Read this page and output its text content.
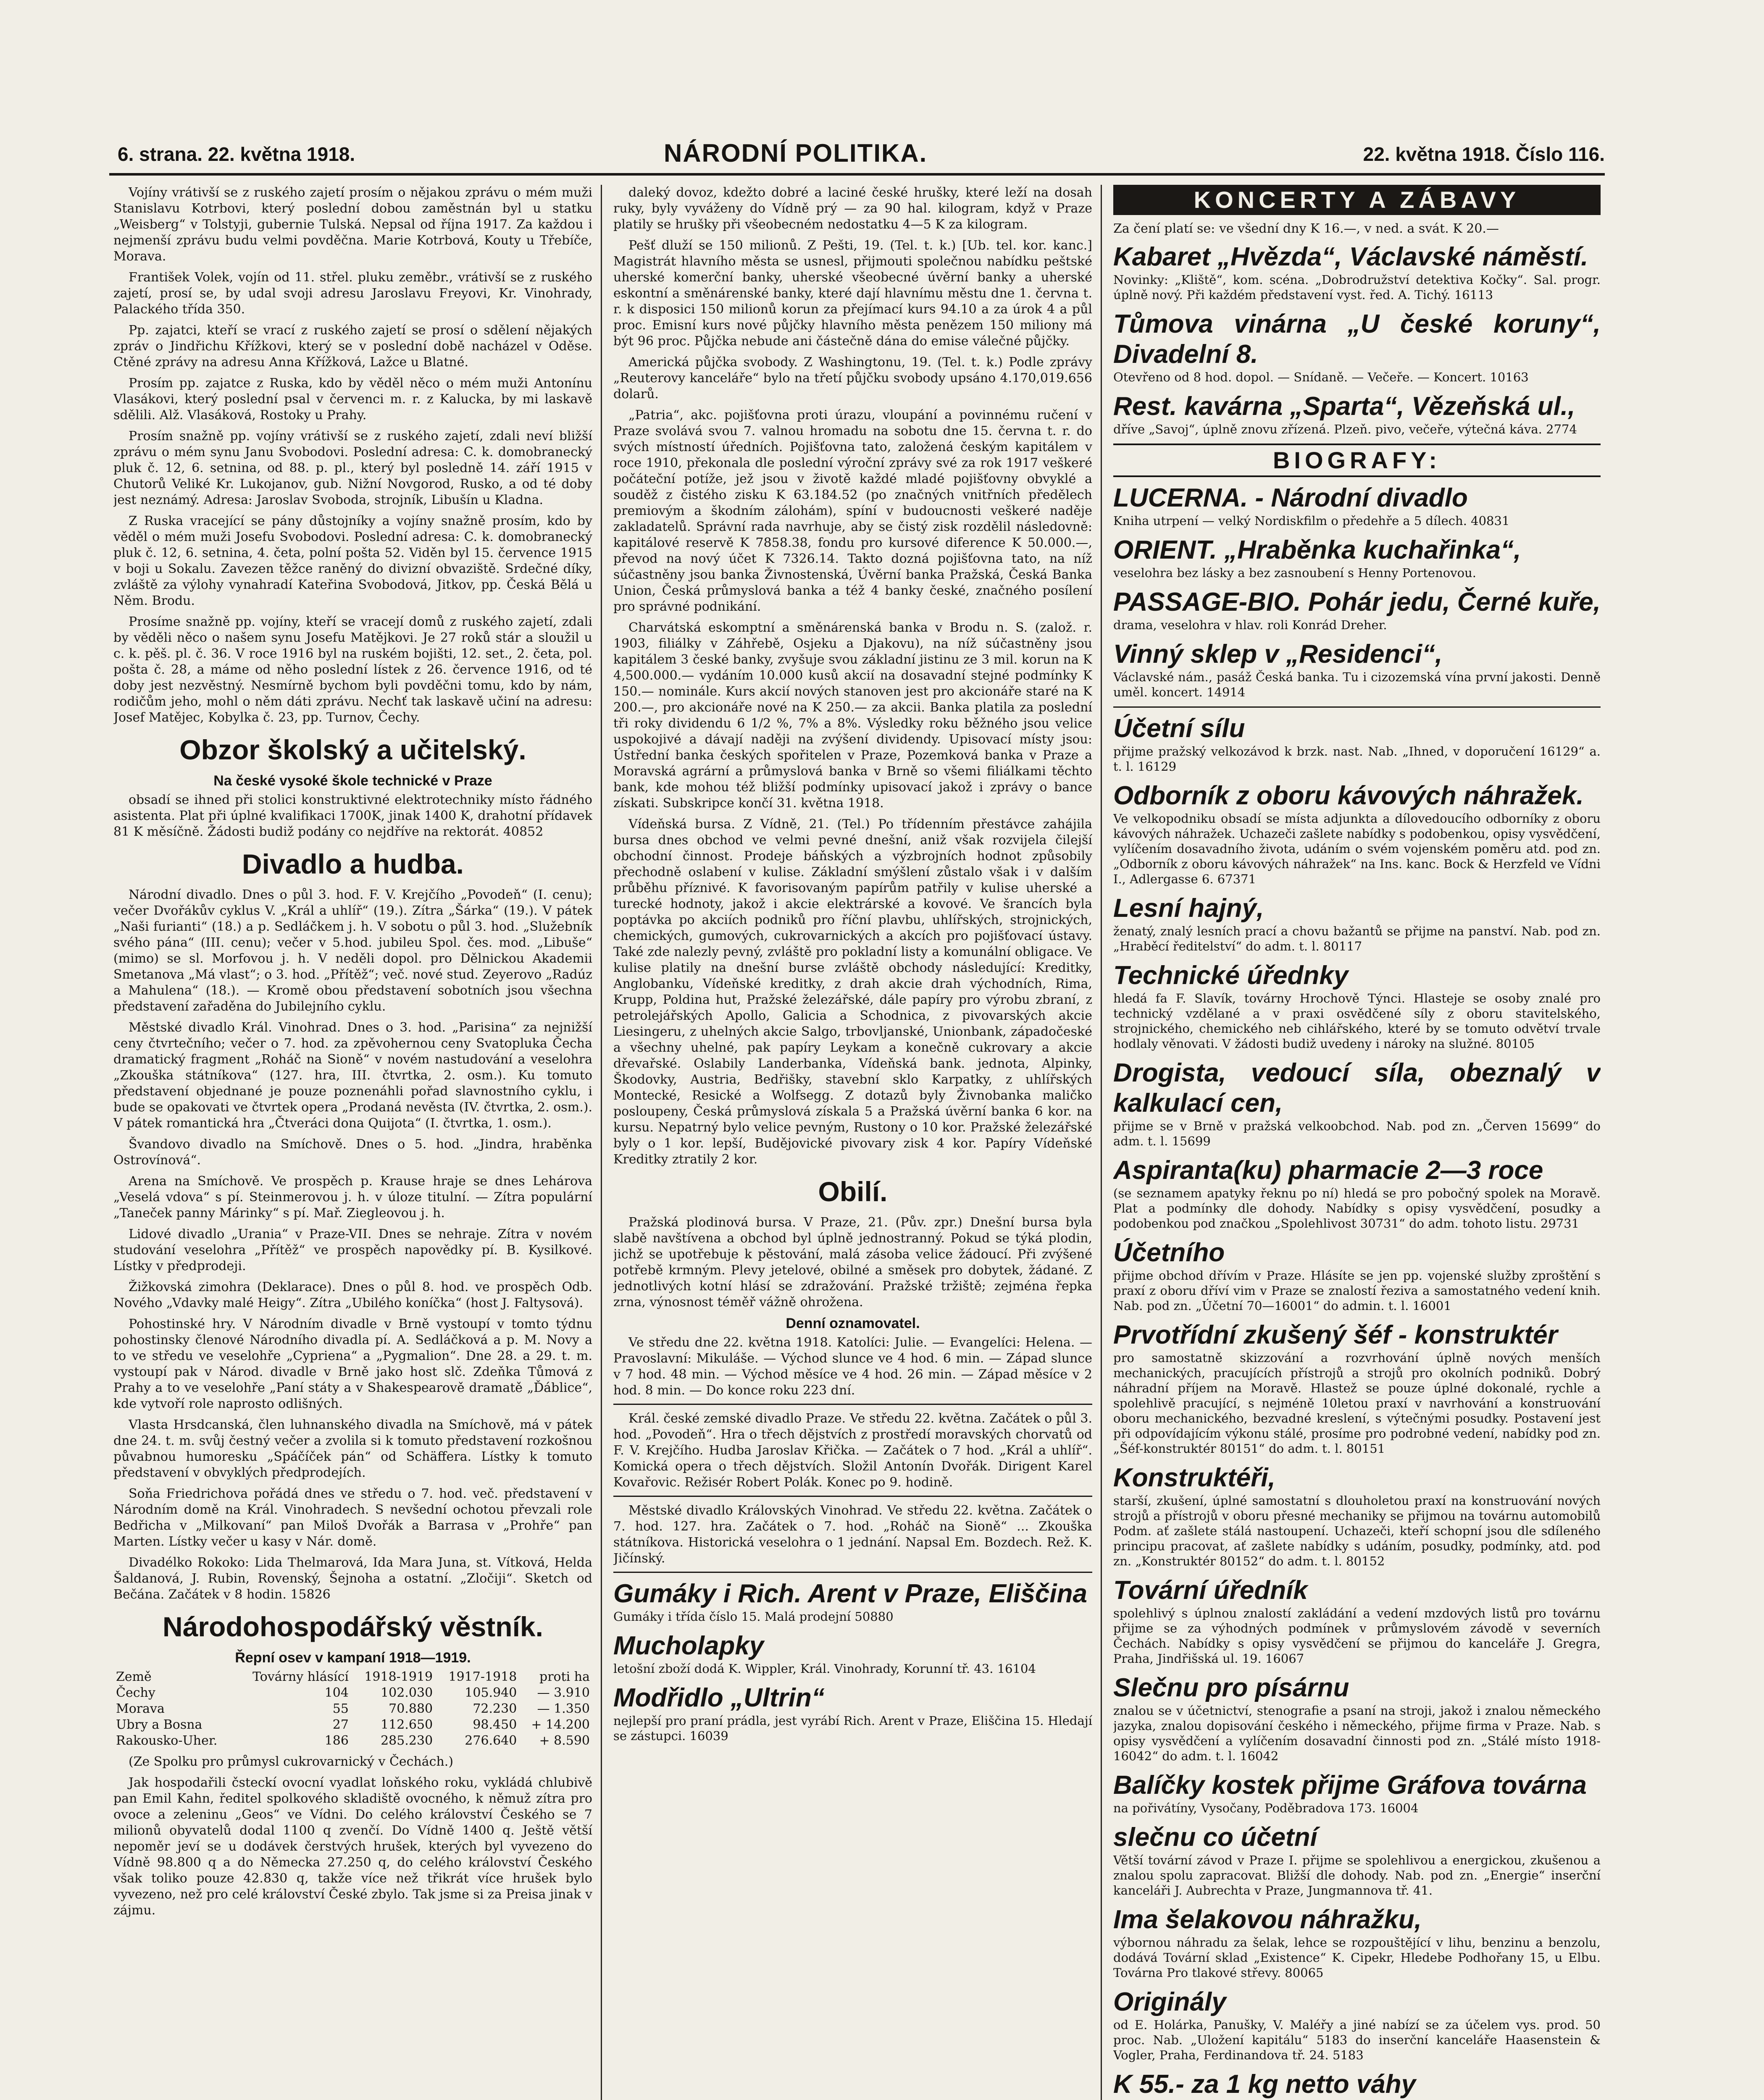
6. strana. 22. května 1918.	NÁRODNÍ POLITIKA.	22. května 1918. Číslo 116.

Vojíny vrátivší se z ruského zajetí prosím o nějakou zprávu o mém muži Stanislavu Kotrbovi, který poslední dobou zaměstnán byl u statku „Weisberg“ v Tolstyji, gubernie Tulská. Nepsal od října 1917. Za každou i nejmenší zprávu budu velmi povděčna. Marie Kotrbová, Kouty u Třebíče, Morava.

František Volek, vojín od 11. střel. pluku zeměbr., vrátivší se z ruského zajetí, prosí se, by udal svoji adresu Jaroslavu Freyovi, Kr. Vinohrady, Palackého třída 350.

Pp. zajatci, kteří se vrací z ruského zajetí se prosí o sdělení nějakých zpráv o Jindřichu Křížkovi, který se v poslední době nacházel v Oděse. Ctěné zprávy na adresu Anna Křížková, Lažce u Blatné.

Prosím pp. zajatce z Ruska, kdo by věděl něco o mém muži Antonínu Vlasákovi, který poslední psal v červenci m. r. z Kalucka, by mi laskavě sdělili. Alž. Vlasáková, Rostoky u Prahy.

Prosím snažně pp. vojíny vrátivší se z ruského zajetí, zdali neví bližší zprávu o mém synu Janu Svobodovi. Poslední adresa: C. k. domobranecký pluk č. 12, 6. setnina, od 88. p. pl., který byl posledně 14. září 1915 v Chutorů Veliké Kr. Lukojanov, gub. Nižní Novgorod, Rusko, a od té doby jest neznámý. Adresa: Jaroslav Svoboda, strojník, Libušín u Kladna.

Z Ruska vracející se pány důstojníky a vojíny snažně prosím, kdo by věděl o mém muži Josefu Svobodovi. Poslední adresa: C. k. domobranecký pluk č. 12, 6. setnina, 4. četa, polní pošta 52. Viděn byl 15. července 1915 v boji u Sokalu. Zavezen těžce raněný do divizní obvaziště. Srdečné díky, zvláště za výlohy vynahradí Kateřina Svobodová, Jitkov, pp. Česká Bělá u Něm. Brodu.

Prosíme snažně pp. vojíny, kteří se vracejí domů z ruského zajetí, zdali by věděli něco o našem synu Josefu Matějkovi. Je 27 roků stár a sloužil u c. k. pěš. pl. č. 36. V roce 1916 byl na ruském bojišti, 12. set., 2. četa, pol. pošta č. 28, a máme od něho poslední lístek z 26. července 1916, od té doby jest nezvěstný. Nesmírně bychom byli povděčni tomu, kdo by nám, rodičům jeho, mohl o něm dáti zprávu. Nechť tak laskavě učiní na adresu: Josef Matějec, Kobylka č. 23, pp. Turnov, Čechy.

Obzor školský a učitelský.
Na české vysoké škole technické v Praze

obsadí se ihned při stolici konstruktivné elektrotechniky místo řádného asistenta. Plat při úplné kvalifikaci 1700K, jinak 1400 K, drahotní přídavek 81 K měsíčně. Žádosti budiž podány co nejdříve na rektorát. 40852

Divadlo a hudba.

Národní divadlo. Dnes o půl 3. hod. F. V. Krejčího „Povodeň“ (I. cenu); večer Dvořákův cyklus V. „Král a uhlíř“ (19.). Zítra „Šárka“ (19.). V pátek „Naši furianti“ (18.) a p. Sedláčkem j. h. V sobotu o půl 3. hod. „Služebník svého pána“ (III. cenu); večer v 5.hod. jubileu Spol. čes. mod. „Libuše“ (mimo) se sl. Morfovou j. h. V neděli dopol. pro Dělnickou Akademii Smetanova „Má vlast“; o 3. hod. „Přítěž“; več. nové stud. Zeyerovo „Radúz a Mahulena“ (18.). — Kromě obou představení sobotních jsou všechna představení zařaděna do Jubilejního cyklu.

Městské divadlo Král. Vinohrad. Dnes o 3. hod. „Parisina“ za nejnižší ceny čtvrtečního; večer o 7. hod. za zpěvohernou ceny Svatopluka Čecha dramatický fragment „Roháč na Sioně“ v novém nastudování a veselohra „Zkouška státníkova“ (127. hra, III. čtvrtka, 2. osm.). Ku tomuto představení objednané je pouze poznenáhli pořad slavnostního cyklu, i bude se opakovati ve čtvrtek opera „Prodaná nevěsta (IV. čtvrtka, 2. osm.). V pátek romantická hra „Čtveráci dona Quijota“ (I. čtvrtka, 1. osm.).

Švandovo divadlo na Smíchově. Dnes o 5. hod. „Jindra, hraběnka Ostrovínová“.

Arena na Smíchově. Ve prospěch p. Krause hraje se dnes Lehárova „Veselá vdova“ s pí. Steinmerovou j. h. v úloze titulní. — Zítra populární „Taneček panny Márinky“ s pí. Mař. Ziegleovou j. h.

Lidové divadlo „Urania“ v Praze-VII. Dnes se nehraje. Zítra v novém studování veselohra „Přítěž“ ve prospěch napovědky pí. B. Kysilkové. Lístky v předprodeji.

Žižkovská zimohra (Deklarace). Dnes o půl 8. hod. ve prospěch Odb. Nového „Vdavky malé Heigy“. Zítra „Ubilého koníčka“ (host J. Faltysová).

Pohostinské hry. V Národním divadle v Brně vystoupí v tomto týdnu pohostinsky členové Národního divadla pí. A. Sedláčková a p. M. Novy a to ve středu ve veselohře „Cypriena“ a „Pygmalion“. Dne 28. a 29. t. m. vystoupí pak v Národ. divadle v Brně jako host slč. Zdeňka Tůmová z Prahy a to ve veselohře „Paní státy a v Shakespearově dramatě „Ďáblice“, kde vytvoří role naprosto odlišných.

Vlasta Hrsdcanská, člen luhnanského divadla na Smíchově, má v pátek dne 24. t. m. svůj čestný večer a zvolila si k tomuto představení rozkošnou půvabnou humoresku „Spáčíček pán“ od Schäffera. Lístky k tomuto představení v obvyklých předprodejích.

Soňa Friedrichova pořádá dnes ve středu o 7. hod. več. představení v Národním domě na Král. Vinohradech. S nevšední ochotou převzali role Bedřicha v „Milkovaní“ pan Miloš Dvořák a Barrasa v „Prohře“ pan Marten. Lístky večer u kasy v Nár. domě.

Divadélko Rokoko: Lida Thelmarová, Ida Mara Juna, st. Vítková, Helda Šaldanová, J. Rubin, Rovenský, Šejnoha a ostatní. „Zločiji“. Sketch od Bečána. Začátek v 8 hodin. 15826

Národohospodářský věstník.
Řepní osev v kampaní 1918—1919.
Země	Továrny hlásící	1918-1919	1917-1918	proti ha
Čechy	104	102.030	105.940	— 3.910
Morava	55	70.880	72.230	— 1.350
Ubry a Bosna	27	112.650	98.450	+ 14.200
Rakousko-Uher.	186	285.230	276.640	+ 8.590

(Ze Spolku pro průmysl cukrovarnický v Čechách.)

Jak hospodařili čsteckí ovocní vyadlat loňského roku, vykládá chlubivě pan Emil Kahn, ředitel spolkového skladiště ovocného, k němuž zítra pro ovoce a zeleninu „Geos“ ve Vídni. Do celého království Českého se 7 milionů obyvatelů dodal 1100 q zvenčí. Do Vídně 1400 q. Ještě větší nepoměr jeví se u dodávek čerstvých hrušek, kterých byl vyvezeno do Vídně 98.800 q a do Německa 27.250 q, do celého království Českého však toliko pouze 42.830 q, takže více než třikrát více hrušek bylo vyvezeno, než pro celé království České zbylo. Tak jsme si za Preisa jinak v zájmu.

daleký dovoz, kdežto dobré a laciné české hrušky, které leží na dosah ruky, byly vyváženy do Vídně prý — za 90 hal. kilogram, když v Praze platily se hrušky při všeobecném nedostatku 4—5 K za kilogram.

Pešť dluží se 150 milionů. Z Pešti, 19. (Tel. t. k.) [Ub. tel. kor. kanc.] Magistrát hlavního města se usnesl, přijmouti společnou nabídku peštské uherské komerční banky, uherské všeobecné úvěrní banky a uherské eskontní a směnárenské banky, které dají hlavnímu městu dne 1. června t. r. k disposici 150 milionů korun za přejímací kurs 94.10 a za úrok 4 a půl proc. Emisní kurs nové půjčky hlavního města penězem 150 miliony má být 96 proc. Půjčka nebude ani částečně dána do emise válečné půjčky.

Americká půjčka svobody. Z Washingtonu, 19. (Tel. t. k.) Podle zprávy „Reuterovy kanceláře“ bylo na třetí půjčku svobody upsáno 4.170,019.656 dolarů.

„Patria“, akc. pojišťovna proti úrazu, vloupání a povinnému ručení v Praze svolává svou 7. valnou hromadu na sobotu dne 15. června t. r. do svých místností úředních. Pojišťovna tato, založená českým kapitálem v roce 1910, překonala dle poslední výroční zprávy své za rok 1917 veškeré počáteční potíže, jež jsou v životě každé mladé pojišťovny obvyklé a souděž z čistého zisku K 63.184.52 (po značných vnitřních předělech premiovým a škodním zálohám), spíní v budoucnosti veškeré naděje zakladatelů. Správní rada navrhuje, aby se čistý zisk rozdělil následovně: kapitálové reservě K 7858.38, fondu pro kursové diference K 50.000.—, převod na nový účet K 7326.14. Takto dozná pojišťovna tato, na níž súčastněny jsou banka Živnostenská, Úvěrní banka Pražská, Česká Banka Union, Česká průmyslová banka a též 4 banky české, značného posílení pro správné podnikání.

Charvátská eskomptní a směnárenská banka v Brodu n. S. (založ. r. 1903, filiálky v Záhřebě, Osjeku a Djakovu), na níž súčastněny jsou kapitálem 3 české banky, zvyšuje svou základní jistinu ze 3 mil. korun na K 4,500.000.— vydáním 10.000 kusů akcií na dosavadní stejné podmínky K 150.— nominále. Kurs akcií nových stanoven jest pro akcionáře staré na K 200.—, pro akcionáře nové na K 250.— za akcii. Banka platila za poslední tři roky dividendu 6 1/2 %, 7% a 8%. Výsledky roku běžného jsou velice uspokojivé a dávají naději na zvýšení dividendy. Upisovací místy jsou: Ústřední banka českých spořitelen v Praze, Pozemková banka v Praze a Moravská agrární a průmyslová banka v Brně so všemi filiálkami těchto bank, kde mohou též bližší podmínky upisovací jakož i zprávy o bance získati. Subskripce končí 31. května 1918.

Vídeňská bursa. Z Vídně, 21. (Tel.) Po třídenním přestávce zahájila bursa dnes obchod ve velmi pevné dnešní, aniž však rozvijela čilejší obchodní činnost. Prodeje báňských a výzbrojních hodnot způsobily přechodně oslabení v kulise. Základní smýšlení zůstalo však i v dalším průběhu příznivé. K favorisovaným papírům patřily v kulise uherské a turecké hodnoty, jakož i akcie elektrárské a kovové. Ve šrancích byla poptávka po akciích podniků pro říční plavbu, uhlířských, strojnických, chemických, gumových, cukrovarnických a akcích pro pojišťovací ústavy. Také zde nalezly pevný, zvláště pro pokladní listy a komunální obligace. Ve kulise platily na dnešní burse zvláště obchody následující: Kreditky, Anglobanku, Vídeňské kreditky, z drah akcie drah východních, Rima, Krupp, Poldina hut, Pražské železářské, dále papíry pro výrobu zbraní, z petrolejářských Apollo, Galicia a Schodnica, z pivovarských akcie Liesingeru, z uhelných akcie Salgo, trbovljanské, Unionbank, západočeské a všechny uhelné, pak papíry Leykam a konečně cukrovary a akcie dřevařské. Oslabily Landerbanka, Vídeňská bank. jednota, Alpinky, Škodovky, Austria, Bedřišky, stavební sklo Karpatky, z uhlířských Montecké, Resické a Wolfsegg. Z dotazů byly Živnobanka maličko posloupeny, Česká průmyslová získala 5 a Pražská úvěrní banka 6 kor. na kursu. Nepatrný bylo velice pevným, Rustony o 10 kor. Pražské železářské byly o 1 kor. lepší, Budějovické pivovary zisk 4 kor. Papíry Vídeňské Kreditky ztratily 2 kor.

Obilí.

Pražská plodinová bursa. V Praze, 21. (Pův. zpr.) Dnešní bursa byla slabě navštívena a obchod byl úplně jednostranný. Pokud se týká plodin, jichž se upotřebuje k pěstování, malá zásoba velice žádoucí. Při zvýšené potřebě krmným. Plevy jetelové, obilné a směsek pro dobytek, žádané. Z jednotlivých kotní hlásí se zdražování. Pražské tržiště; zejména řepka zrna, výnosnost téměř vážně ohrožena.

Denní oznamovatel.

Ve středu dne 22. května 1918. Katolíci: Julie. — Evangelíci: Helena. — Pravoslavní: Mikuláše. — Východ slunce ve 4 hod. 6 min. — Západ slunce v 7 hod. 48 min. — Východ měsíce ve 4 hod. 26 min. — Západ měsíce v 2 hod. 8 min. — Do konce roku 223 dní.

Král. české zemské divadlo Praze. Ve středu 22. května. Začátek o půl 3. hod. „Povodeň“. Hra o třech dějstvích z prostředí moravských chorvatů od F. V. Krejčího. Hudba Jaroslav Křička. — Začátek o 7 hod. „Král a uhlíř“. Komická opera o třech dějstvích. Složil Antonín Dvořák. Dirigent Karel Kovařovic. Režisér Robert Polák. Konec po 9. hodině.

Městské divadlo Královských Vinohrad. Ve středu 22. května. Začátek o 7. hod. 127. hra. Začátek o 7. hod. „Roháč na Sioně“ ... Zkouška státníkova. Historická veselohra o 1 jednání. Napsal Em. Bozdech. Rež. K. Jičínský.

Gumáky i Rich. Arent v Praze, Eliščina
Gumáky i třída číslo 15. Malá prodejní 50880
Mucholapky
letošní zboží dodá K. Wippler, Král. Vinohrady, Korunní tř. 43. 16104
Modřidlo „Ultrin“
nejlepší pro praní prádla, jest vyrábí Rich. Arent v Praze, Eliščina 15. Hledají se zástupci. 16039
KONCERTY A ZÁBAVY

Za čení platí se: ve všední dny K 16.—, v ned. a svát. K 20.—

Kabaret „Hvězda“, Václavské náměstí.
Novinky: „Kliště“, kom. scéna. „Dobrodružství detektiva Kočky“. Sal. progr. úplně nový. Při každém představení vyst. řed. A. Tichý. 16113
Tůmova vinárna „U české koruny“, Divadelní 8.
Otevřeno od 8 hod. dopol. — Snídaně. — Večeře. — Koncert. 10163
Rest. kavárna „Sparta“, Vězeňská ul.,
dříve „Savoj“, úplně znovu zřízená. Plzeň. pivo, večeře, výtečná káva. 2774
BIOGRAFY:
LUCERNA. - Národní divadlo
Kniha utrpení — velký Nordiskfilm o předehře a 5 dílech. 40831
ORIENT. „Hraběnka kuchařinka“,
veselohra bez lásky a bez zasnoubení s Henny Portenovou.
PASSAGE-BIO. Pohár jedu, Černé kuře,
drama, veselohra v hlav. roli Konrád Dreher.
Vinný sklep v „Residenci“,
Václavské nám., pasáž Česká banka. Tu i cizozemská vína první jakosti. Denně uměl. koncert. 14914
Účetní sílu
přijme pražský velkozávod k brzk. nast. Nab. „Ihned, v doporučení 16129“ a. t. l. 16129
Odborník z oboru kávových náhražek.
Ve velkopodniku obsadí se místa adjunkta a dílovedoucího odborníky z oboru kávových náhražek. Uchazeči zašlete nabídky s podobenkou, opisy vysvědčení, vylíčením dosavadního života, udáním o svém vojenském poměru atd. pod zn. „Odborník z oboru kávových náhražek“ na Ins. kanc. Bock & Herzfeld ve Vídni I., Adlergasse 6. 67371
Lesní hajný,
ženatý, znalý lesních prací a chovu bažantů se přijme na panství. Nab. pod zn. „Hraběcí ředitelství“ do adm. t. l. 80117
Technické úřednky
hledá fa F. Slavík, továrny Hrochově Týnci. Hlasteje se osoby znalé pro technický vzdělané a v praxi osvědčené síly z oboru stavitelského, strojnického, chemického neb cihlářského, které by se tomuto odvětví trvale hodlaly věnovati. V žádosti budiž uvedeny i nároky na služné. 80105
Drogista, vedoucí síla, obeznalý v kalkulací cen,
přijme se v Brně v pražská velkoobchod. Nab. pod zn. „Červen 15699“ do adm. t. l. 15699
Aspiranta(ku) pharmacie 2—3 roce
(se seznamem apatyky řeknu po ní) hledá se pro pobočný spolek na Moravě. Plat a podmínky dle dohody. Nabídky s opisy vysvědčení, posudky a podobenkou pod značkou „Spolehlivost 30731“ do adm. tohoto listu. 29731
Účetního
přijme obchod dřívím v Praze. Hlásíte se jen pp. vojenské služby zproštění s praxí z oboru dříví vim v Praze se znalostí řeziva a samostatného vedení knih. Nab. pod zn. „Účetní 70—16001“ do admin. t. l. 16001
Prvotřídní zkušený šéf - konstruktér
pro samostatně skizzování a rozvrhování úplně nových menších mechanických, pracujících přístrojů a strojů pro okolních podniků. Dobrý náhradní příjem na Moravě. Hlastež se pouze úplné dokonalé, rychle a spolehlivě pracující, s nejméně 10letou praxí v navrhování a konstruování oboru mechanického, bezvadné kreslení, s výtečnými posudky. Postavení jest při odpovídajícím výkonu stálé, prosíme pro podrobné vedení, nabídky pod zn. „Šéf-konstruktér 80151“ do adm. t. l. 80151
Konstruktéři,
starší, zkušení, úplné samostatní s dlouholetou praxí na konstruování nových strojů a přístrojů v oboru přesné mechaniky se přijmou na továrnu automobilů Podm. ať zašlete stálá nastoupení. Uchazeči, kteří schopní jsou dle sdíleného principu pracovat, ať zašlete nabídky s udáním, posudky, podmínky, atd. pod zn. „Konstruktér 80152“ do adm. t. l. 80152
Tovární úředník
spolehlivý s úplnou znalostí zakládání a vedení mzdových listů pro továrnu přijme se za výhodných podmínek v průmyslovém závodě v severních Čechách. Nabídky s opisy vysvědčení se přijmou do kanceláře J. Gregra, Praha, Jindřišská ul. 19. 16067
Slečnu pro písárnu
znalou se v účetnictví, stenografie a psaní na stroji, jakož i znalou německého jazyka, znalou dopisování českého i německého, přijme firma v Praze. Nab. s opisy vysvědčení a vylíčením dosavadní činnosti pod zn. „Stálé místo 1918-16042“ do adm. t. l. 16042
Balíčky kostek přijme Gráfova továrna
na pořivátíny, Vysočany, Poděbradova 173. 16004
slečnu co účetní
Větší tovární závod v Praze I. přijme se spolehlivou a energickou, zkušenou a znalou spolu zapracovat. Bližší dle dohody. Nab. pod zn. „Energie“ inserční kanceláři J. Aubrechta v Praze, Jungmannova tř. 41.
Ima šelakovou náhražku,
výbornou náhradu za šelak, lehce se rozpouštějící v lihu, benzinu a benzolu, dodává Tovární sklad „Existence“ K. Cipekr, Hledebe Podhořany 15, u Elbu. Továrna Pro tlakové střevy. 80065
Originály
od E. Holárka, Panušky, V. Maléřy a jiné nabízí se za účelem vys. prod. 50 proc. Nab. „Uložení kapitálu“ 5183 do inserční kanceláře Haasenstein & Vogler, Praha, Ferdinandova tř. 24. 5183
K 55.- za 1 kg netto váhy
